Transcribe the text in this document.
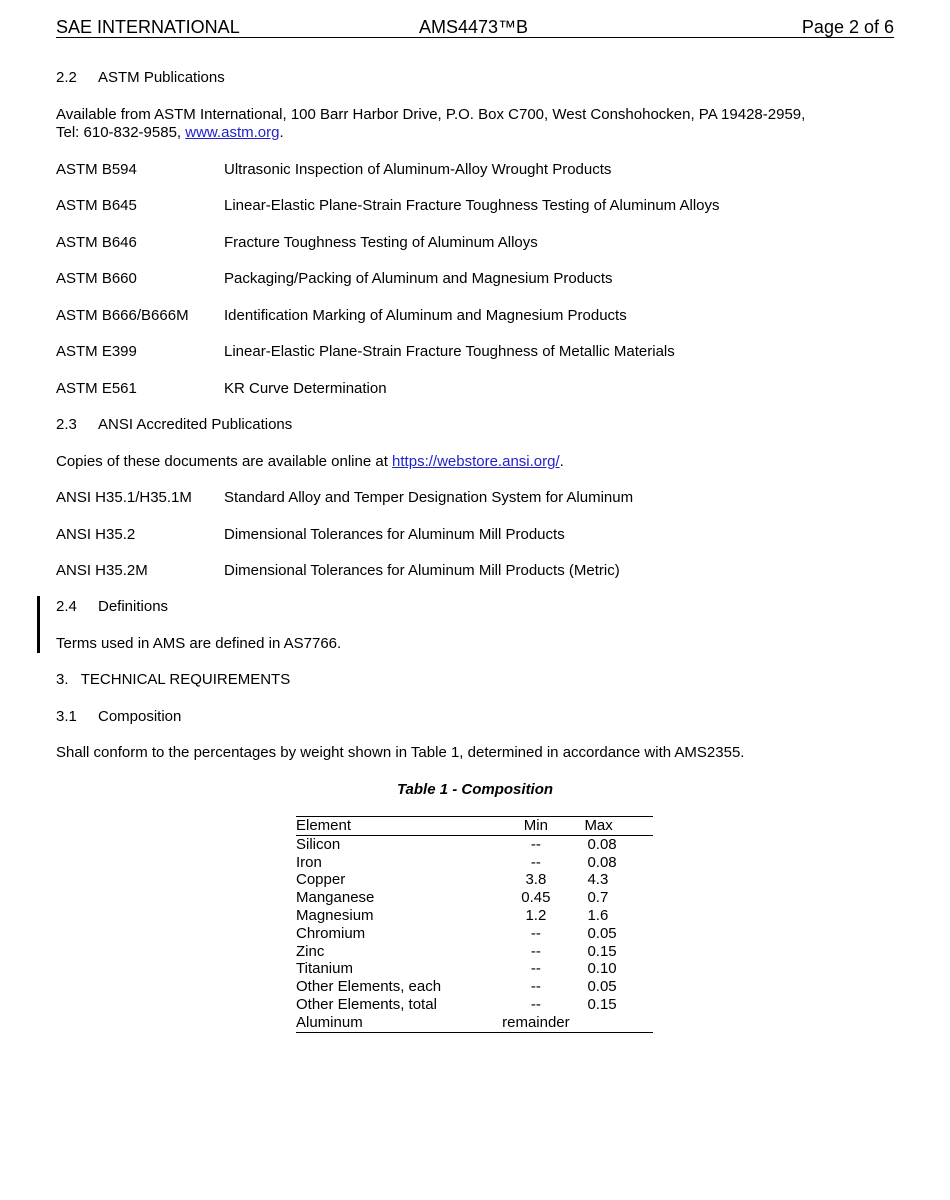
SAE INTERNATIONAL	AMS4473™B	Page 2 of 6
2.2 ASTM Publications
Available from ASTM International, 100 Barr Harbor Drive, P.O. Box C700, West Conshohocken, PA 19428-2959,
Tel: 610-832-9585, www.astm.org.
ASTM B594	Ultrasonic Inspection of Aluminum-Alloy Wrought Products
ASTM B645	Linear-Elastic Plane-Strain Fracture Toughness Testing of Aluminum Alloys
ASTM B646	Fracture Toughness Testing of Aluminum Alloys
ASTM B660	Packaging/Packing of Aluminum and Magnesium Products
ASTM B666/B666M Identification Marking of Aluminum and Magnesium Products
ASTM E399	Linear-Elastic Plane-Strain Fracture Toughness of Metallic Materials
ASTM E561	KR Curve Determination
2.3 ANSI Accredited Publications
Copies of these documents are available online at https://webstore.ansi.org/.
ANSI H35.1/H35.1M Standard Alloy and Temper Designation System for Aluminum
ANSI H35.2	Dimensional Tolerances for Aluminum Mill Products
ANSI H35.2M	Dimensional Tolerances for Aluminum Mill Products (Metric)
2.4 Definitions
Terms used in AMS are defined in AS7766.
3.   TECHNICAL REQUIREMENTS
3.1 Composition
Shall conform to the percentages by weight shown in Table 1, determined in accordance with AMS2355.
Table 1 - Composition
Element	Min	Max
Silicon	--	0.08
Iron	--	0.08
Copper	3.8	4.3
Manganese	0.45	0.7
Magnesium	1.2	1.6
Chromium	--	0.05
Zinc	--	0.15
Titanium	--	0.10
Other Elements, each	--	0.05
Other Elements, total	--	0.15
Aluminum	remainder	
